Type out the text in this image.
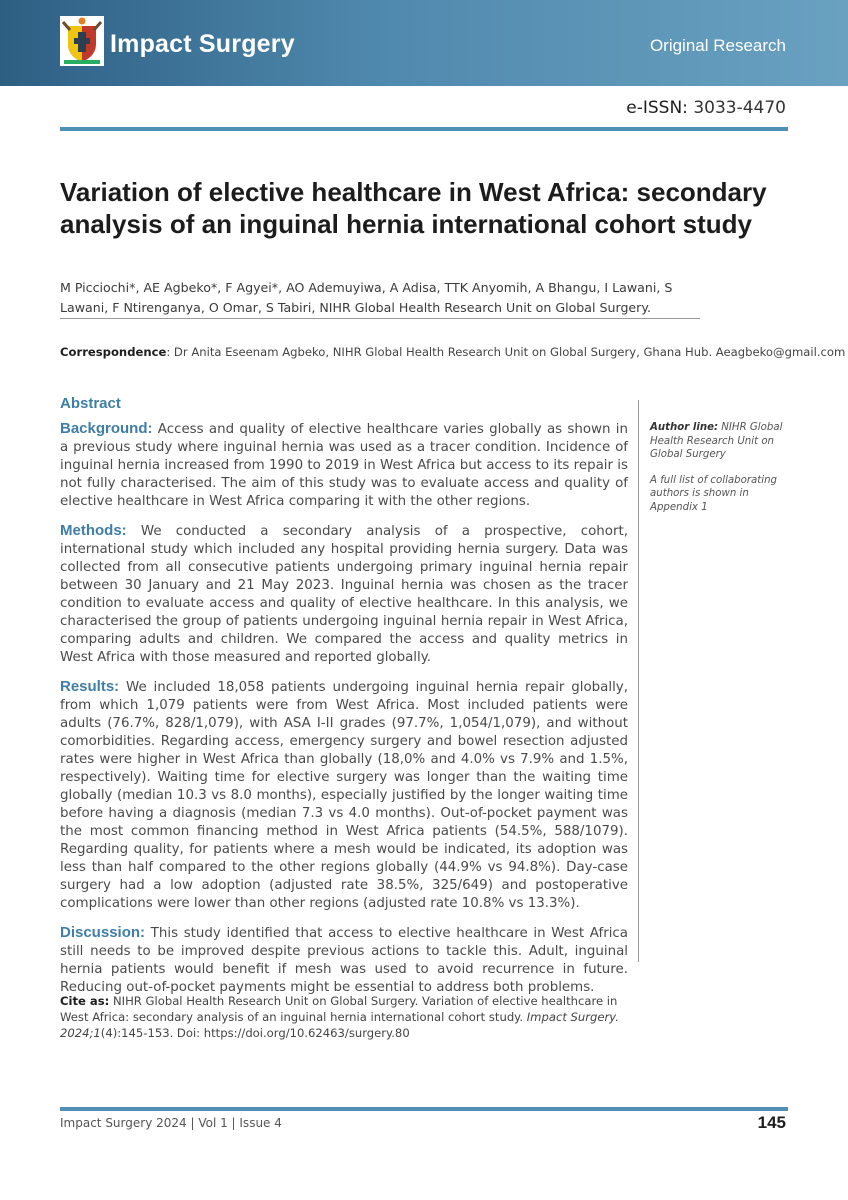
Impact Surgery	Original Research
e-ISSN: 3033-4470
Variation of elective healthcare in West Africa: secondary analysis of an inguinal hernia international cohort study
M Picciochi*, AE Agbeko*, F Agyei*, AO Ademuyiwa, A Adisa, TTK Anyomih, A Bhangu, I Lawani, S Lawani, F Ntirenganya, O Omar, S Tabiri, NIHR Global Health Research Unit on Global Surgery.
Correspondence: Dr Anita Eseenam Agbeko, NIHR Global Health Research Unit on Global Surgery, Ghana Hub. Aeagbeko@gmail.com
Abstract

Background: Access and quality of elective healthcare varies globally as shown in a previous study where inguinal hernia was used as a tracer condition. Incidence of inguinal hernia increased from 1990 to 2019 in West Africa but access to its repair is not fully characterised. The aim of this study was to evaluate access and quality of elective healthcare in West Africa comparing it with the other regions.

Methods: We conducted a secondary analysis of a prospective, cohort, international study which included any hospital providing hernia surgery. Data was collected from all consecutive patients undergoing primary inguinal hernia repair between 30 January and 21 May 2023. Inguinal hernia was chosen as the tracer condition to evaluate access and quality of elective healthcare. In this analysis, we characterised the group of patients undergoing inguinal hernia repair in West Africa, comparing adults and children. We compared the access and quality metrics in West Africa with those measured and reported globally.

Results: We included 18,058 patients undergoing inguinal hernia repair globally, from which 1,079 patients were from West Africa. Most included patients were adults (76.7%, 828/1,079), with ASA I-II grades (97.7%, 1,054/1,079), and without comorbidities. Regarding access, emergency surgery and bowel resection adjusted rates were higher in West Africa than globally (18,0% and 4.0% vs 7.9% and 1.5%, respectively). Waiting time for elective surgery was longer than the waiting time globally (median 10.3 vs 8.0 months), especially justified by the longer waiting time before having a diagnosis (median 7.3 vs 4.0 months). Out-of-pocket payment was the most common financing method in West Africa patients (54.5%, 588/1079). Regarding quality, for patients where a mesh would be indicated, its adoption was less than half compared to the other regions globally (44.9% vs 94.8%). Day-case surgery had a low adoption (adjusted rate 38.5%, 325/649) and postoperative complications were lower than other regions (adjusted rate 10.8% vs 13.3%).

Discussion: This study identified that access to elective healthcare in West Africa still needs to be improved despite previous actions to tackle this. Adult, inguinal hernia patients would benefit if mesh was used to avoid recurrence in future. Reducing out-of-pocket payments might be essential to address both problems.

Author line: NIHR Global Health Research Unit on Global Surgery

A full list of collaborating authors is shown in Appendix 1

Cite as: NIHR Global Health Research Unit on Global Surgery. Variation of elective healthcare in West Africa: secondary analysis of an inguinal hernia international cohort study. Impact Surgery. 2024;1(4):145-153. Doi: https://doi.org/10.62463/surgery.80
Impact Surgery 2024 | Vol 1 | Issue 4	145
